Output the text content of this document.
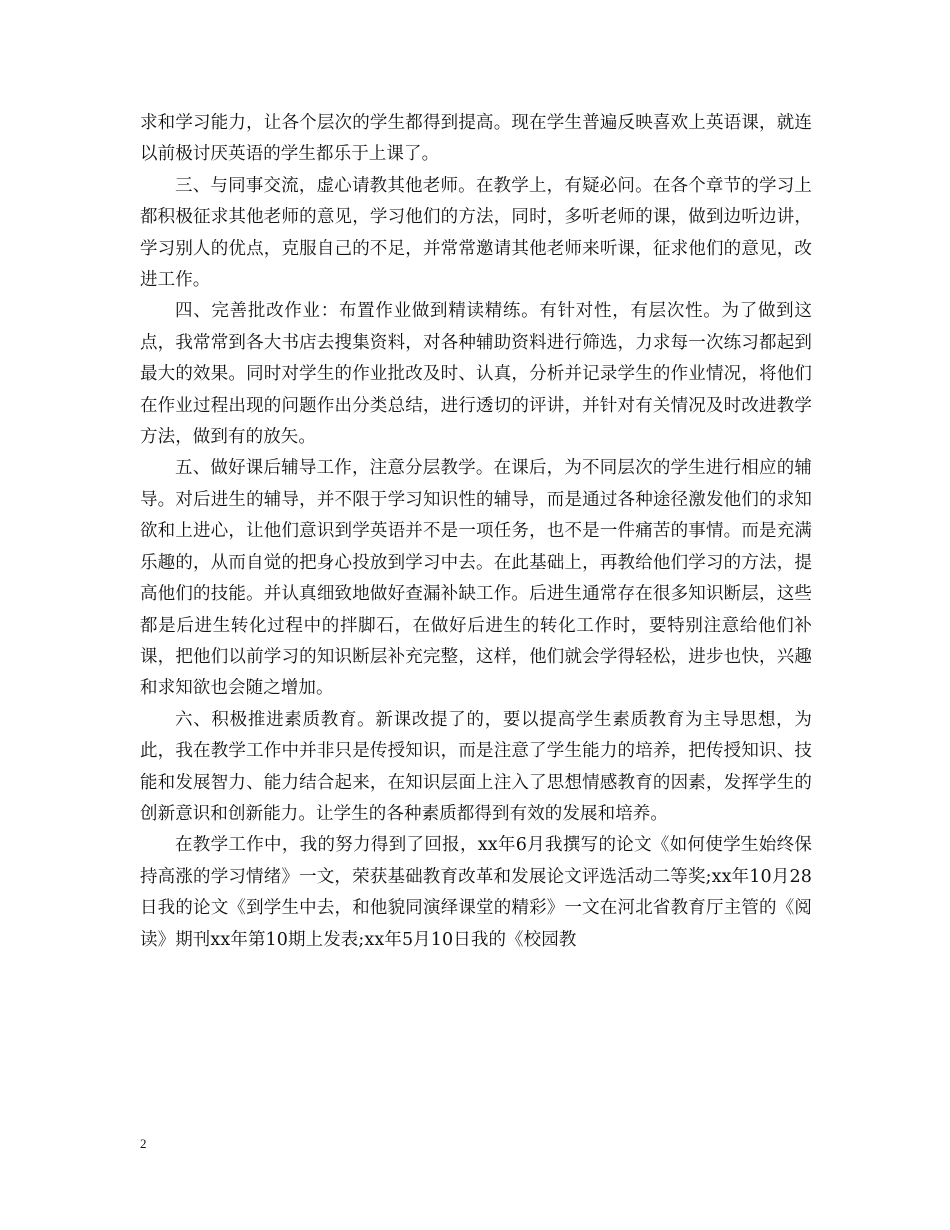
求和学习能力，让各个层次的学生都得到提高。现在学生普遍反映喜欢上英语课，就连以前极讨厌英语的学生都乐于上课了。

三、与同事交流，虚心请教其他老师。在教学上，有疑必问。在各个章节的学习上都积极征求其他老师的意见，学习他们的方法，同时，多听老师的课，做到边听边讲，学习别人的优点，克服自己的不足，并常常邀请其他老师来听课，征求他们的意见，改进工作。

四、完善批改作业：布置作业做到精读精练。有针对性，有层次性。为了做到这点，我常常到各大书店去搜集资料，对各种辅助资料进行筛选，力求每一次练习都起到最大的效果。同时对学生的作业批改及时、认真，分析并记录学生的作业情况，将他们在作业过程出现的问题作出分类总结，进行透切的评讲，并针对有关情况及时改进教学方法，做到有的放矢。

五、做好课后辅导工作，注意分层教学。在课后，为不同层次的学生进行相应的辅导。对后进生的辅导，并不限于学习知识性的辅导，而是通过各种途径激发他们的求知欲和上进心，让他们意识到学英语并不是一项任务，也不是一件痛苦的事情。而是充满乐趣的，从而自觉的把身心投放到学习中去。在此基础上，再教给他们学习的方法，提高他们的技能。并认真细致地做好查漏补缺工作。后进生通常存在很多知识断层，这些都是后进生转化过程中的拌脚石，在做好后进生的转化工作时，要特别注意给他们补课，把他们以前学习的知识断层补充完整，这样，他们就会学得轻松，进步也快，兴趣和求知欲也会随之增加。

六、积极推进素质教育。新课改提了的，要以提高学生素质教育为主导思想，为此，我在教学工作中并非只是传授知识，而是注意了学生能力的培养，把传授知识、技能和发展智力、能力结合起来，在知识层面上注入了思想情感教育的因素，发挥学生的创新意识和创新能力。让学生的各种素质都得到有效的发展和培养。

在教学工作中，我的努力得到了回报，xx年6月我撰写的论文《如何使学生始终保持高涨的学习情绪》一文，荣获基础教育改革和发展论文评选活动二等奖;xx年10月28日我的论文《到学生中去，和他貌同演绎课堂的精彩》一文在河北省教育厅主管的《阅读》期刊xx年第10期上发表;xx年5月10日我的《校园教

2
